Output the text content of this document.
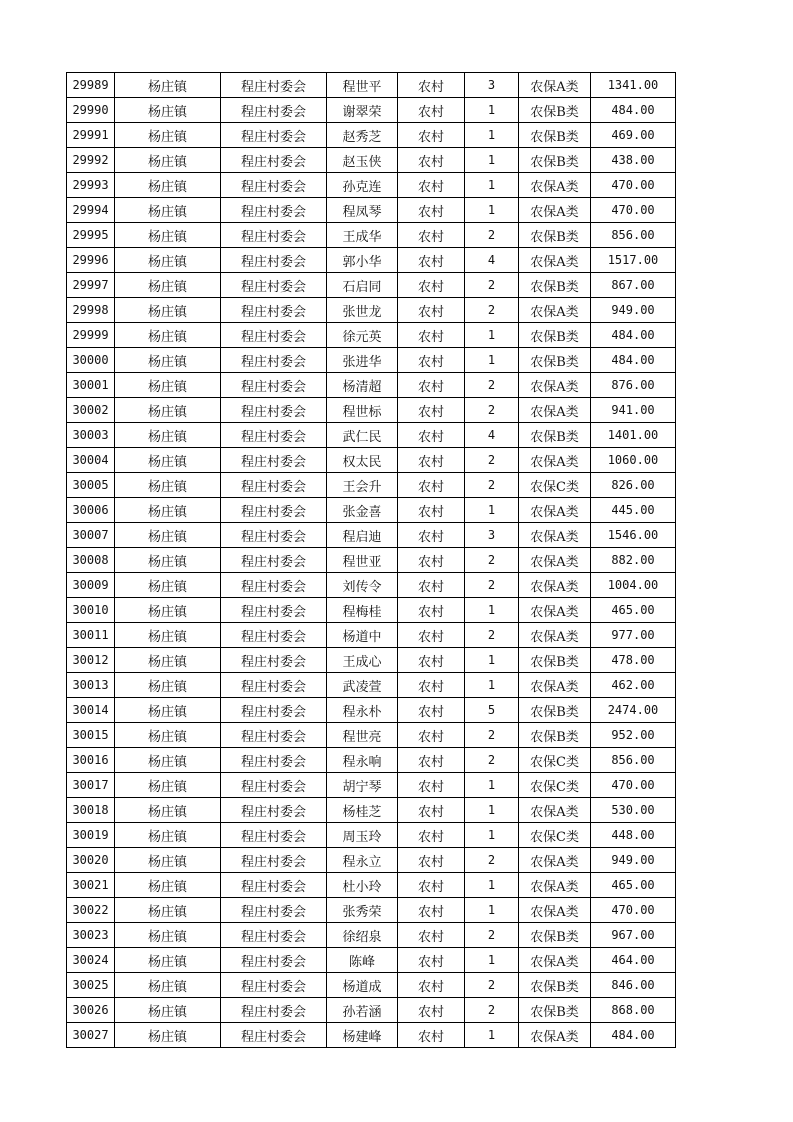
29989	杨庄镇	程庄村委会	程世平	农村	3	农保A类	1341.00
29990	杨庄镇	程庄村委会	谢翠荣	农村	1	农保B类	484.00
29991	杨庄镇	程庄村委会	赵秀芝	农村	1	农保B类	469.00
29992	杨庄镇	程庄村委会	赵玉侠	农村	1	农保B类	438.00
29993	杨庄镇	程庄村委会	孙克连	农村	1	农保A类	470.00
29994	杨庄镇	程庄村委会	程凤琴	农村	1	农保A类	470.00
29995	杨庄镇	程庄村委会	王成华	农村	2	农保B类	856.00
29996	杨庄镇	程庄村委会	郭小华	农村	4	农保A类	1517.00
29997	杨庄镇	程庄村委会	石启同	农村	2	农保B类	867.00
29998	杨庄镇	程庄村委会	张世龙	农村	2	农保A类	949.00
29999	杨庄镇	程庄村委会	徐元英	农村	1	农保B类	484.00
30000	杨庄镇	程庄村委会	张进华	农村	1	农保B类	484.00
30001	杨庄镇	程庄村委会	杨清超	农村	2	农保A类	876.00
30002	杨庄镇	程庄村委会	程世标	农村	2	农保A类	941.00
30003	杨庄镇	程庄村委会	武仁民	农村	4	农保B类	1401.00
30004	杨庄镇	程庄村委会	权太民	农村	2	农保A类	1060.00
30005	杨庄镇	程庄村委会	王会升	农村	2	农保C类	826.00
30006	杨庄镇	程庄村委会	张金喜	农村	1	农保A类	445.00
30007	杨庄镇	程庄村委会	程启迪	农村	3	农保A类	1546.00
30008	杨庄镇	程庄村委会	程世亚	农村	2	农保A类	882.00
30009	杨庄镇	程庄村委会	刘传令	农村	2	农保A类	1004.00
30010	杨庄镇	程庄村委会	程梅桂	农村	1	农保A类	465.00
30011	杨庄镇	程庄村委会	杨道中	农村	2	农保A类	977.00
30012	杨庄镇	程庄村委会	王成心	农村	1	农保B类	478.00
30013	杨庄镇	程庄村委会	武凌萱	农村	1	农保A类	462.00
30014	杨庄镇	程庄村委会	程永朴	农村	5	农保B类	2474.00
30015	杨庄镇	程庄村委会	程世亮	农村	2	农保B类	952.00
30016	杨庄镇	程庄村委会	程永响	农村	2	农保C类	856.00
30017	杨庄镇	程庄村委会	胡宁琴	农村	1	农保C类	470.00
30018	杨庄镇	程庄村委会	杨桂芝	农村	1	农保A类	530.00
30019	杨庄镇	程庄村委会	周玉玲	农村	1	农保C类	448.00
30020	杨庄镇	程庄村委会	程永立	农村	2	农保A类	949.00
30021	杨庄镇	程庄村委会	杜小玲	农村	1	农保A类	465.00
30022	杨庄镇	程庄村委会	张秀荣	农村	1	农保A类	470.00
30023	杨庄镇	程庄村委会	徐绍泉	农村	2	农保B类	967.00
30024	杨庄镇	程庄村委会	陈峰	农村	1	农保A类	464.00
30025	杨庄镇	程庄村委会	杨道成	农村	2	农保B类	846.00
30026	杨庄镇	程庄村委会	孙若涵	农村	2	农保B类	868.00
30027	杨庄镇	程庄村委会	杨建峰	农村	1	农保A类	484.00
